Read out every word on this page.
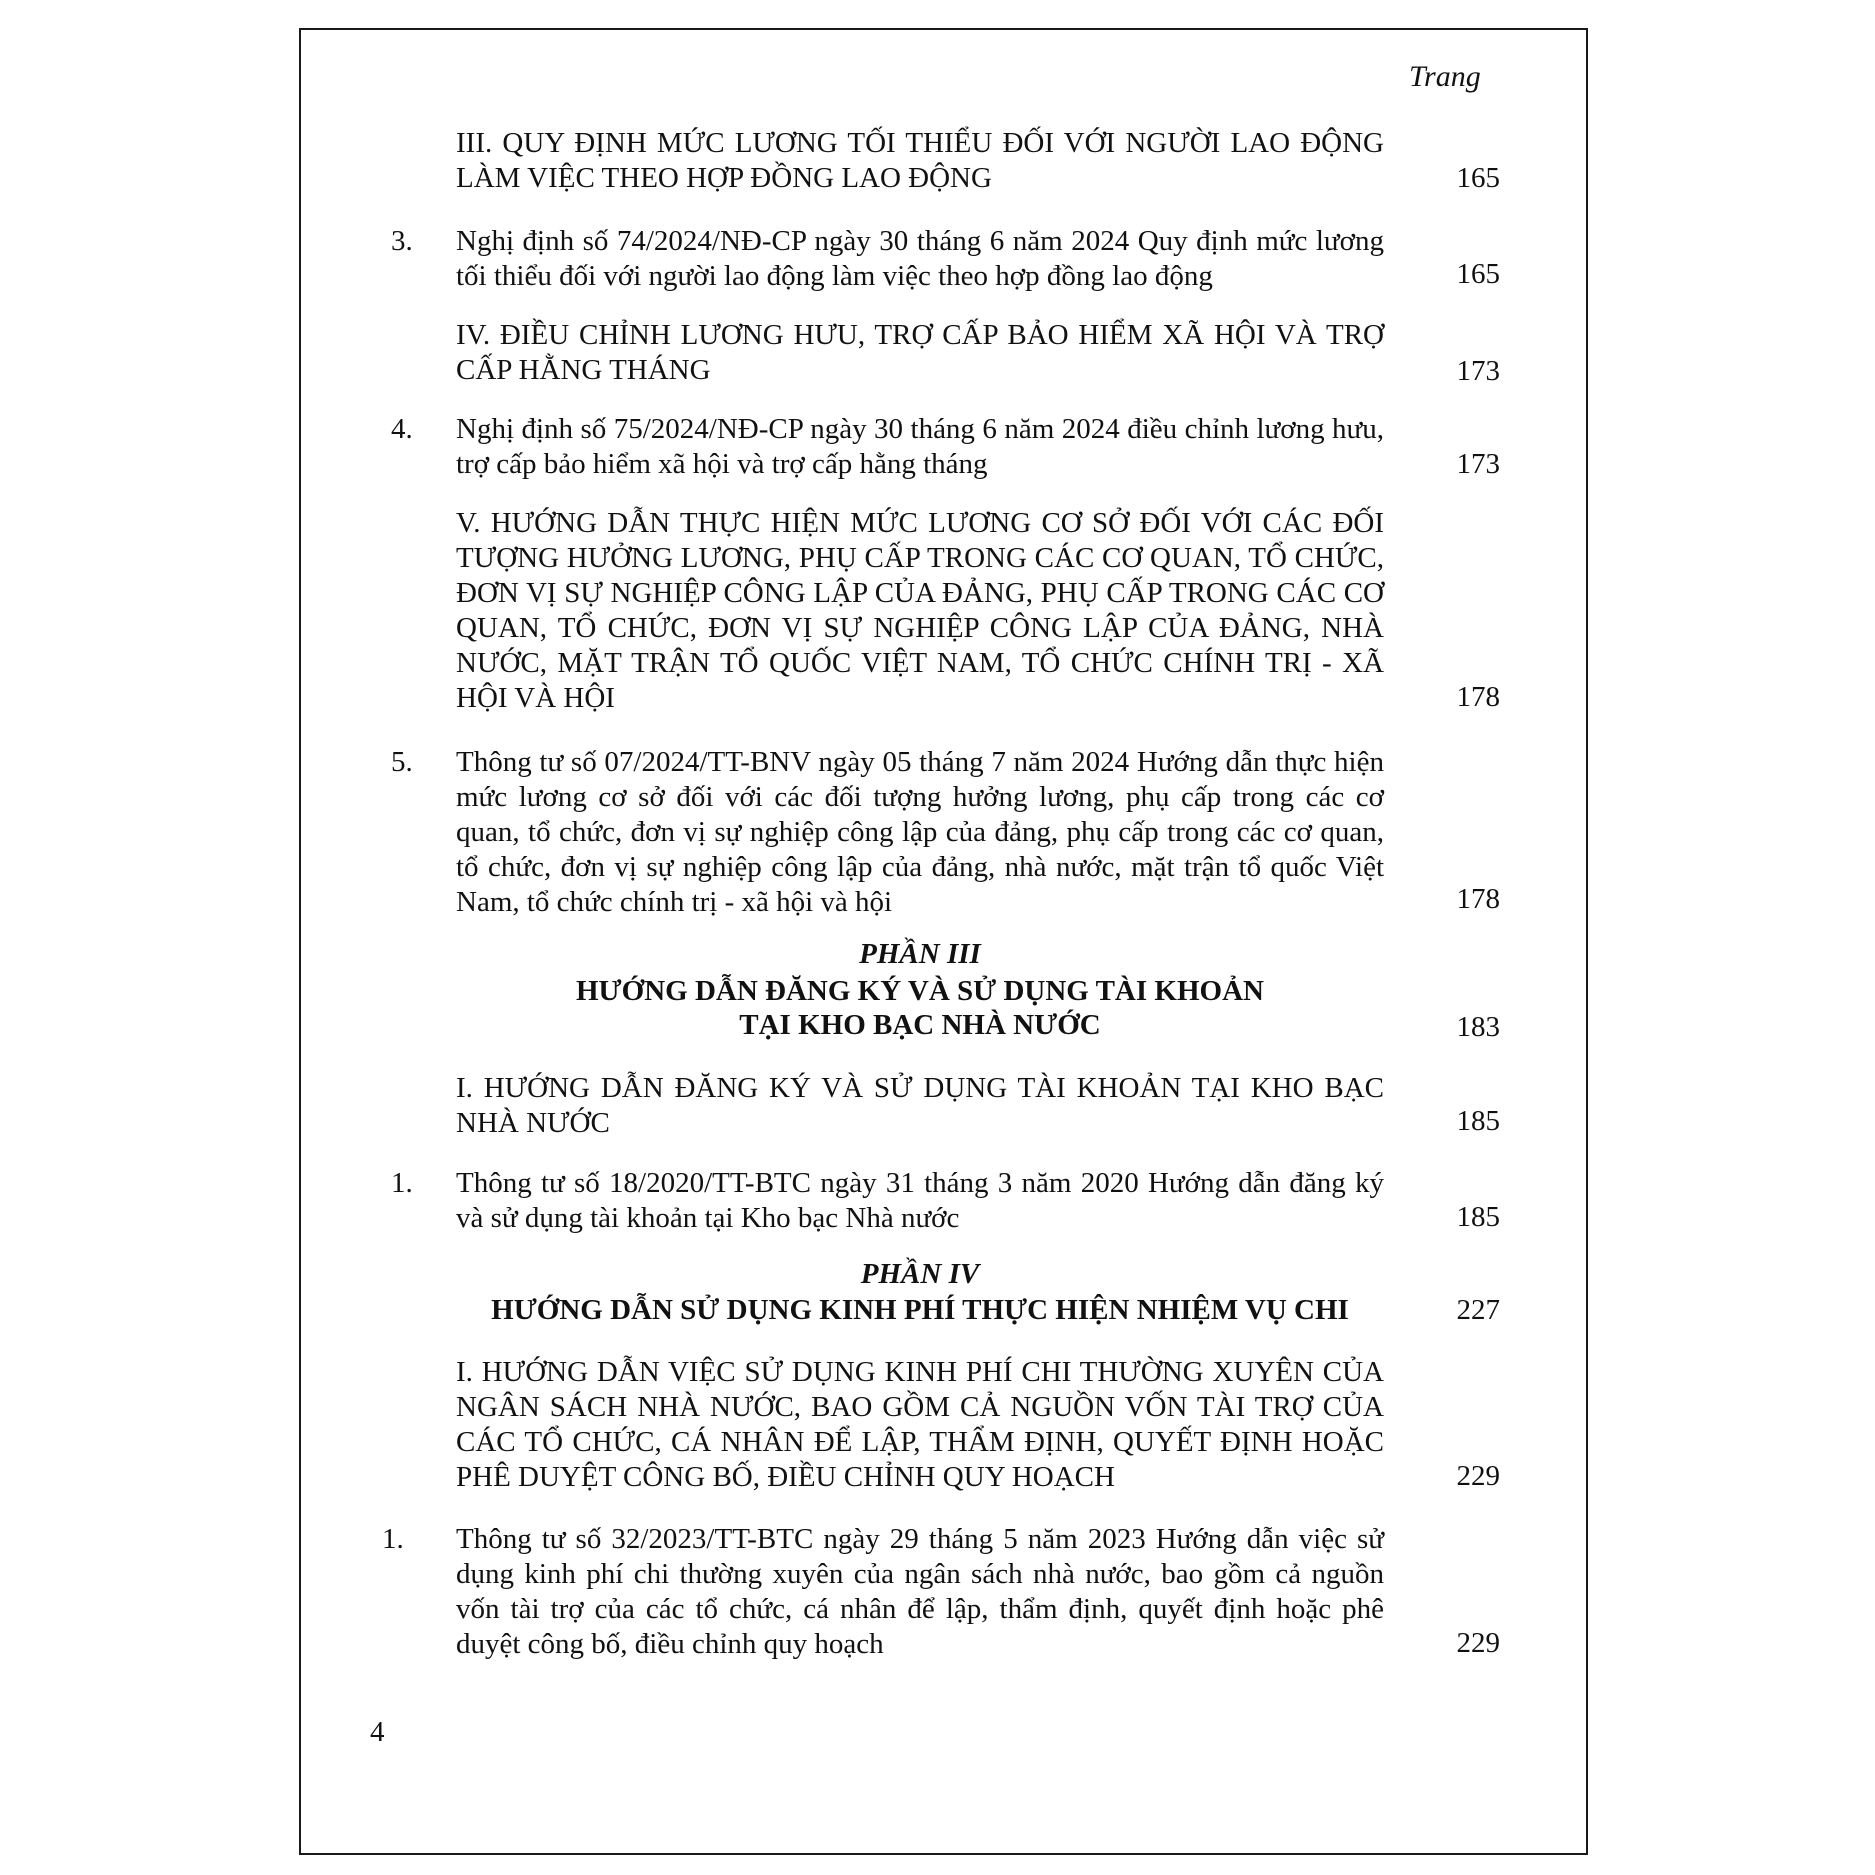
Trang
III. QUY ĐỊNH MỨC LƯƠNG TỐI THIỂU ĐỐI VỚI NGƯỜI LAO ĐỘNG LÀM VIỆC THEO HỢP ĐỒNG LAO ĐỘNG	165
3.	Nghị định số 74/2024/NĐ-CP ngày 30 tháng 6 năm 2024 Quy định mức lương tối thiểu đối với người lao động làm việc theo hợp đồng lao động	165
IV. ĐIỀU CHỈNH LƯƠNG HƯU, TRỢ CẤP BẢO HIỂM XÃ HỘI VÀ TRỢ CẤP HẰNG THÁNG	173
4.	Nghị định số 75/2024/NĐ-CP ngày 30 tháng 6 năm 2024 điều chỉnh lương hưu, trợ cấp bảo hiểm xã hội và trợ cấp hằng tháng	173
V. HƯỚNG DẪN THỰC HIỆN MỨC LƯƠNG CƠ SỞ ĐỐI VỚI CÁC ĐỐI TƯỢNG HƯỞNG LƯƠNG, PHỤ CẤP TRONG CÁC CƠ QUAN, TỔ CHỨC, ĐƠN VỊ SỰ NGHIỆP CÔNG LẬP CỦA ĐẢNG, PHỤ CẤP TRONG CÁC CƠ QUAN, TỔ CHỨC, ĐƠN VỊ SỰ NGHIỆP CÔNG LẬP CỦA ĐẢNG, NHÀ NƯỚC, MẶT TRẬN TỔ QUỐC VIỆT NAM, TỔ CHỨC CHÍNH TRỊ - XÃ HỘI VÀ HỘI	178
5.	Thông tư số 07/2024/TT-BNV ngày 05 tháng 7 năm 2024 Hướng dẫn thực hiện mức lương cơ sở đối với các đối tượng hưởng lương, phụ cấp trong các cơ quan, tổ chức, đơn vị sự nghiệp công lập của đảng, phụ cấp trong các cơ quan, tổ chức, đơn vị sự nghiệp công lập của đảng, nhà nước, mặt trận tổ quốc Việt Nam, tổ chức chính trị - xã hội và hội	178
PHẦN III
HƯỚNG DẪN ĐĂNG KÝ VÀ SỬ DỤNG TÀI KHOẢN
TẠI KHO BẠC NHÀ NƯỚC	183
I. HƯỚNG DẪN ĐĂNG KÝ VÀ SỬ DỤNG TÀI KHOẢN TẠI KHO BẠC NHÀ NƯỚC	185
1.	Thông tư số 18/2020/TT-BTC ngày 31 tháng 3 năm 2020 Hướng dẫn đăng ký và sử dụng tài khoản tại Kho bạc Nhà nước	185
PHẦN IV
HƯỚNG DẪN SỬ DỤNG KINH PHÍ THỰC HIỆN NHIỆM VỤ CHI	227
I. HƯỚNG DẪN VIỆC SỬ DỤNG KINH PHÍ CHI THƯỜNG XUYÊN CỦA NGÂN SÁCH NHÀ NƯỚC, BAO GỒM CẢ NGUỒN VỐN TÀI TRỢ CỦA CÁC TỔ CHỨC, CÁ NHÂN ĐỂ LẬP, THẨM ĐỊNH, QUYẾT ĐỊNH HOẶC PHÊ DUYỆT CÔNG BỐ, ĐIỀU CHỈNH QUY HOẠCH	229
1.	Thông tư số 32/2023/TT-BTC ngày 29 tháng 5 năm 2023 Hướng dẫn việc sử dụng kinh phí chi thường xuyên của ngân sách nhà nước, bao gồm cả nguồn vốn tài trợ của các tổ chức, cá nhân để lập, thẩm định, quyết định hoặc phê duyệt công bố, điều chỉnh quy hoạch	229
4
